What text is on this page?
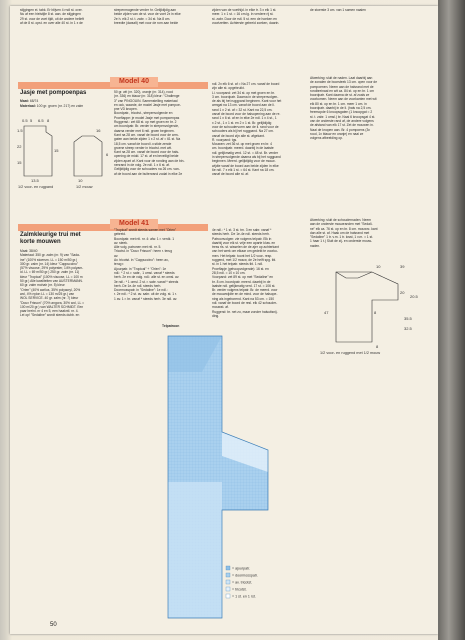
stijgingen ei. tabk. Er blijven 4 rndl st. over.
Nu af een hielstijle 8 st. aan. de stijgingen
29 st. voor de voet tijdt, uit de andere helleft
af de 8 st. opst. en over alle 40 st. in 1 x de
strepenmogende verder hr. Gelijktijdig aan
beide zijden van de st. voor de voet 2x in elke
2e h. elk 2 st. t. zabr. = 34 st. Na 8 cm.
breedte (dwaalt) met voor de rom aan beide
zijden van de voethijd. in elke tr. 3 x elk 1 st.
meer. 1 x 1 st. = 16 cm.lg. In verdere rij st.
st. zabr. Door de rstl. 5 st. een de hoeken en
voortzetten. Achterste gebreid zoeken, daarin.
de stoerste 3 cm. van 1 samen naaien
Model 40
Jasje met pompoenpas
Maat: 68/74
Materiaal: 100 gr. groen (nr. 217) en zalm
0.5 5 6.5 8
1.5
22
15
15
13.5	10
16
6
1/2 voor- en rugpand	1/2 mouw
50 gr. wit (nr. 320), oranje (nr. 314), rood
(nr. 336) en blauw (nr. 318) kleur: "Challenge
3" van PINGOUIN. Samenstelling materiaal
en ook, waarde, de model Jasje met pompoe-
pne VD knopen.
Boordpatr., tricotst., strepenvolgende en
Proefiappe: je model Jasje met pompoenpas
Ruggenst.: zet 68 st. op met groen en br. 2
cm boordpatr. Br. verder in strepenvolgende,
daarna verder met 6 rstl. groen beginnen.
Kant na 28 cm. vanaf de boord voor de arm-
gaten aan beide zijden 1 x 2 st. af = 61 st. Na
18,5 cm. vanaf de boord i.v.stide zende
groene streep verder in tricotst. met wit.
Kant na 28 cm. vanaf de boord voor de hals-
opening de midd. 17 st. af en beveiligt beide
zijden apart af. Kant voor de ronding aan de bin-
nenrand in de volg. 2e ndl. 1 x 6 st. af.
Gelijktijdig voor de schouders na 26 cm. van-
af de boord aan de buitenrand zodat in elke 2e
ndl. 2x elk 6 st. af = Na 27 cm. vanaf de boord
zijn alle st. opgebruikt.
Li. voorpand: zet 34 st. op met groen en br.
3 cm. boordpatr. Daarna in de strepenvolgen-
de als bij het ruggpand beginnen. Kant voor het
armgat na 13 cm. vanaf de boord aan de li.
rand 1 x 2 st. af = 32 st. Kant na 22,5 cm.
vanaf de boord voor de halsopening aan de re.
rand 1 x 6 st. af en in elke 2e ndl. 1 x 4 st., 1
x 2 st., 1 x 1 st. en 2 x 1 st. Br. gelijktijdig
voor de schoudervorm aan de li. rand voor de
schouders als bij het ruggpand. Na 27 cm.
vanaf de boord zijn alle st. afgekant.
R. voorpand: tgs.
Mouwen: zet 36 st. op met groen en br. 4
cm. boordpatr. meerd. daarbij in de laatste
ndl. gelijkmatig verd. 12 st. = 48 st. Br. verder
in strepenvolgende daarna als bij het ruggpand
beginnen. Meerd. gelijktijdig voor de mouw-
wijdte vanaf de boord aan beide zijden in elke
6e ndl. 7 x elk 1 st. = 64 st. Kant na 18 cm.
vanaf de boord alle st. af.
Afwerking: sluit de naden. Laat daarbij aan
de zonalen de boorsteek 13 cm. open voor de
pompoenen. Neem aan de halsrand met de
rondbreinaal en wit ca. 84 st. op en br. 1 cm
boordpatr. Kant daarna de st. af zoals ze
voorkomen. Neem aan de voorkanten met wit
elk 80 st. op en br. 1 cm. meer 1 cm. in
boordpatr. daarbij in de li. (hals na 2,5 cm.
freemopde 6 knoopsgaten (1 knoopgat = 2
st. t. zabr. 1 omsl.) br. Naai 6 knoopsgat 4 st.
van de onderste rand af, de andere volgens
de afstand van elk 17 st. Zet de mouwen in.
Naai de knopen aan. Br. 4 pompoens (3x
rood, 1x blauw en oranje) en naai ze
volgens afbeelding op.
Model 41
Zalmkleurige trui met
korte mouwen
Maat: 38/40
Materiaal: 350 gr. zalm (nr. 9) van "Sada-
ine" (100% stoersm. LL = 150 m/50 gr.)
300 gr. zalm (nr. 14) kleur "Cappuccino"
(57% viscose, 29% polyester, 14% polyam-
id. LL = 69 m/50 gr.) 250 gr. zalm (nr. 11)
kleur "Tropical" (100% viscose, LL = 100 m
50 gr.) Alle kwaliteiten van AUSTERMANN.
60 gr. zalm mohair (nr. 5) kleur
"Orien" (40% acrilus, 35% polyacryl, 20%
wol, 4% nylon LL = 130 m/25 gr.) van
WOL SERVICE. 40 gr. zalm (nr. 7) kleur
"Doux Frisson" (70% angora, 30% wol, LL =
100 m/20 gr.) van WALTER SCHMIDT. Een
paar breinl. nr 4 en 5, een haakntl. nr. 4.
Lei op! "Sedaline" wordt steeds dubb. en
"Tropical" wordt steeds samen met "Orien"
gebreid.
Boordpatr. met ntl. nr. 4: afw. 1 r. verdk. 1
av. steek.
Alle volg. patronen met ntl. nr. 5.
Tricotst. in "Doux Frisson": heen r. terug
av.
Av. tricotst. in "Cappuccino": heen av.,
terug r.
Ajourpatr. in "Tropical" + "Orien": 1e
ndl.: * 2 st. r. sabr., 1 omsl. vanaf * steeds
herh. 2e en de volg. ndl.: alle st. en omsl. av.
3e ndl.: * 1 omsl. 2 st. r. sabr. vanaf * steeds
herh. De 1e-4e ndl. steeds herh.
Doormosspatr. in "Sedaline": 1e ndl.:
r. 2e ndl.: * 2 st. av. sabr. uit de volg. st. 1 r.
1 av. 1 r. br. vanaf * steeds herh. 3e ndl. av.
4e ndl.: * 1 st. 3 st. tm. 3 en sabr. vanaf *
steeds herh. De 1e-4e ndl. steeds herh.
Patroonvolgen: zie volgens telpatr. Elk in
daarbij voor elk st. vrije een aparte kluw. en
tress rls. st. wisselen de de ajer op achterkant
van het werk om elkaar om gedekt te voorko-
men. Het telpatr. toont het 1/2 voor- resp.
ruggend, met 1/2 mouw, de 2e helft spg. tbl.
st. in 1 het telpatr. steeds tbl. 1 ndl.
Proeflapje (gehoopvolgende): 16 st. en
28,5 ndl. = 10 x 10 cm.
Voorpand: zet 89 st. op met "Sedaline" en
br. 8 cm. boordpatr. meerd. daarbij in de
laatste ndl. gelijkmatig verd. 17 st. = 106 st.
Br. verder volgens telpatr. Br. de meerd. voor
de mouwwijdte en de mind. voor de halsope-
ning als ingeborend. Kant na 53 cm. = 150
ndl. vanaf de boord de resl. elk 42 schouder-
mouwst. af.
Ruggend: br. net zo, maar zonder halsuitsnij-
ding.
Afwerking: sluit de schoudernaden. Neem
aan de onderste mouwranden met "Sedali-
ne" elk ca. 76 st. op en br. 8 cm. mouwrc. kant
dan alle st. af. Haak om de halsrand met
"Sedaline" 1 tr. v.m. 1 tr. losst, 1 v.m. = 1 st.
1 haar 1 t.) Sluit de zij- en onderste mouw-
naden.
10	39
20
20.5
47	8
35.5
32.5
8
1/2 voor- en ruggend met 1/2 mouw
Telpatroon
= ajourpatr.
= doormosspatr.
= av. tricotst.
= tricotst.
= 1 st. en 1 rst.
50
